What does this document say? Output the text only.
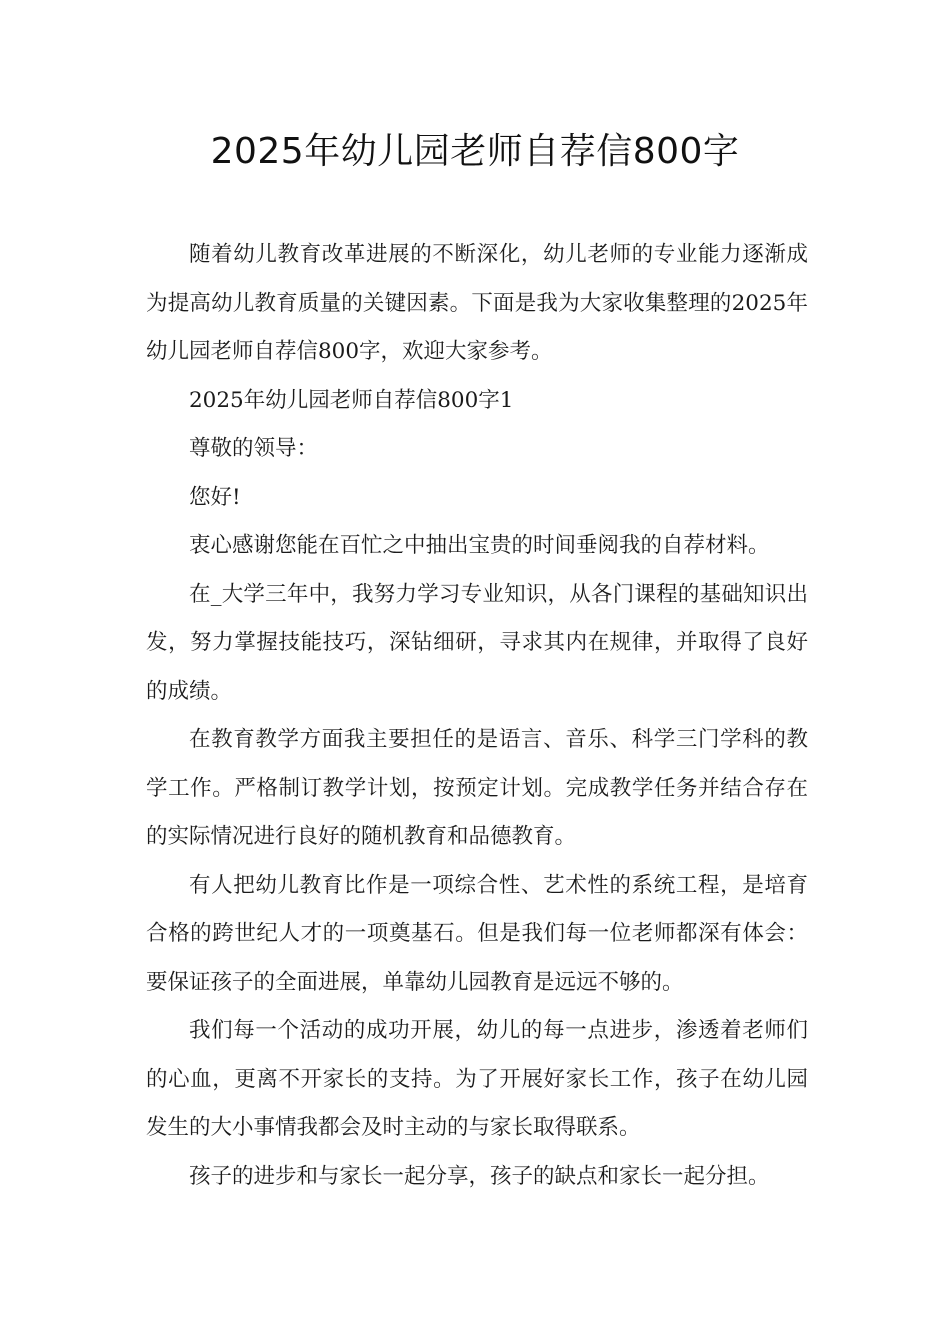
2025年幼儿园老师自荐信800字

随着幼儿教育改革进展的不断深化，幼儿老师的专业能力逐渐成为提高幼儿教育质量的关键因素。下面是我为大家收集整理的2025年幼儿园老师自荐信800字，欢迎大家参考。

2025年幼儿园老师自荐信800字1

尊敬的领导：

您好!

衷心感谢您能在百忙之中抽出宝贵的时间垂阅我的自荐材料。

在_大学三年中，我努力学习专业知识，从各门课程的基础知识出发，努力掌握技能技巧，深钻细研，寻求其内在规律，并取得了良好的成绩。

在教育教学方面我主要担任的是语言、音乐、科学三门学科的教学工作。严格制订教学计划，按预定计划。完成教学任务并结合存在的实际情况进行良好的随机教育和品德教育。

有人把幼儿教育比作是一项综合性、艺术性的系统工程，是培育合格的跨世纪人才的一项奠基石。但是我们每一位老师都深有体会：要保证孩子的全面进展，单靠幼儿园教育是远远不够的。

我们每一个活动的成功开展，幼儿的每一点进步，渗透着老师们的心血，更离不开家长的支持。为了开展好家长工作，孩子在幼儿园发生的大小事情我都会及时主动的与家长取得联系。

孩子的进步和与家长一起分享，孩子的缺点和家长一起分担。
